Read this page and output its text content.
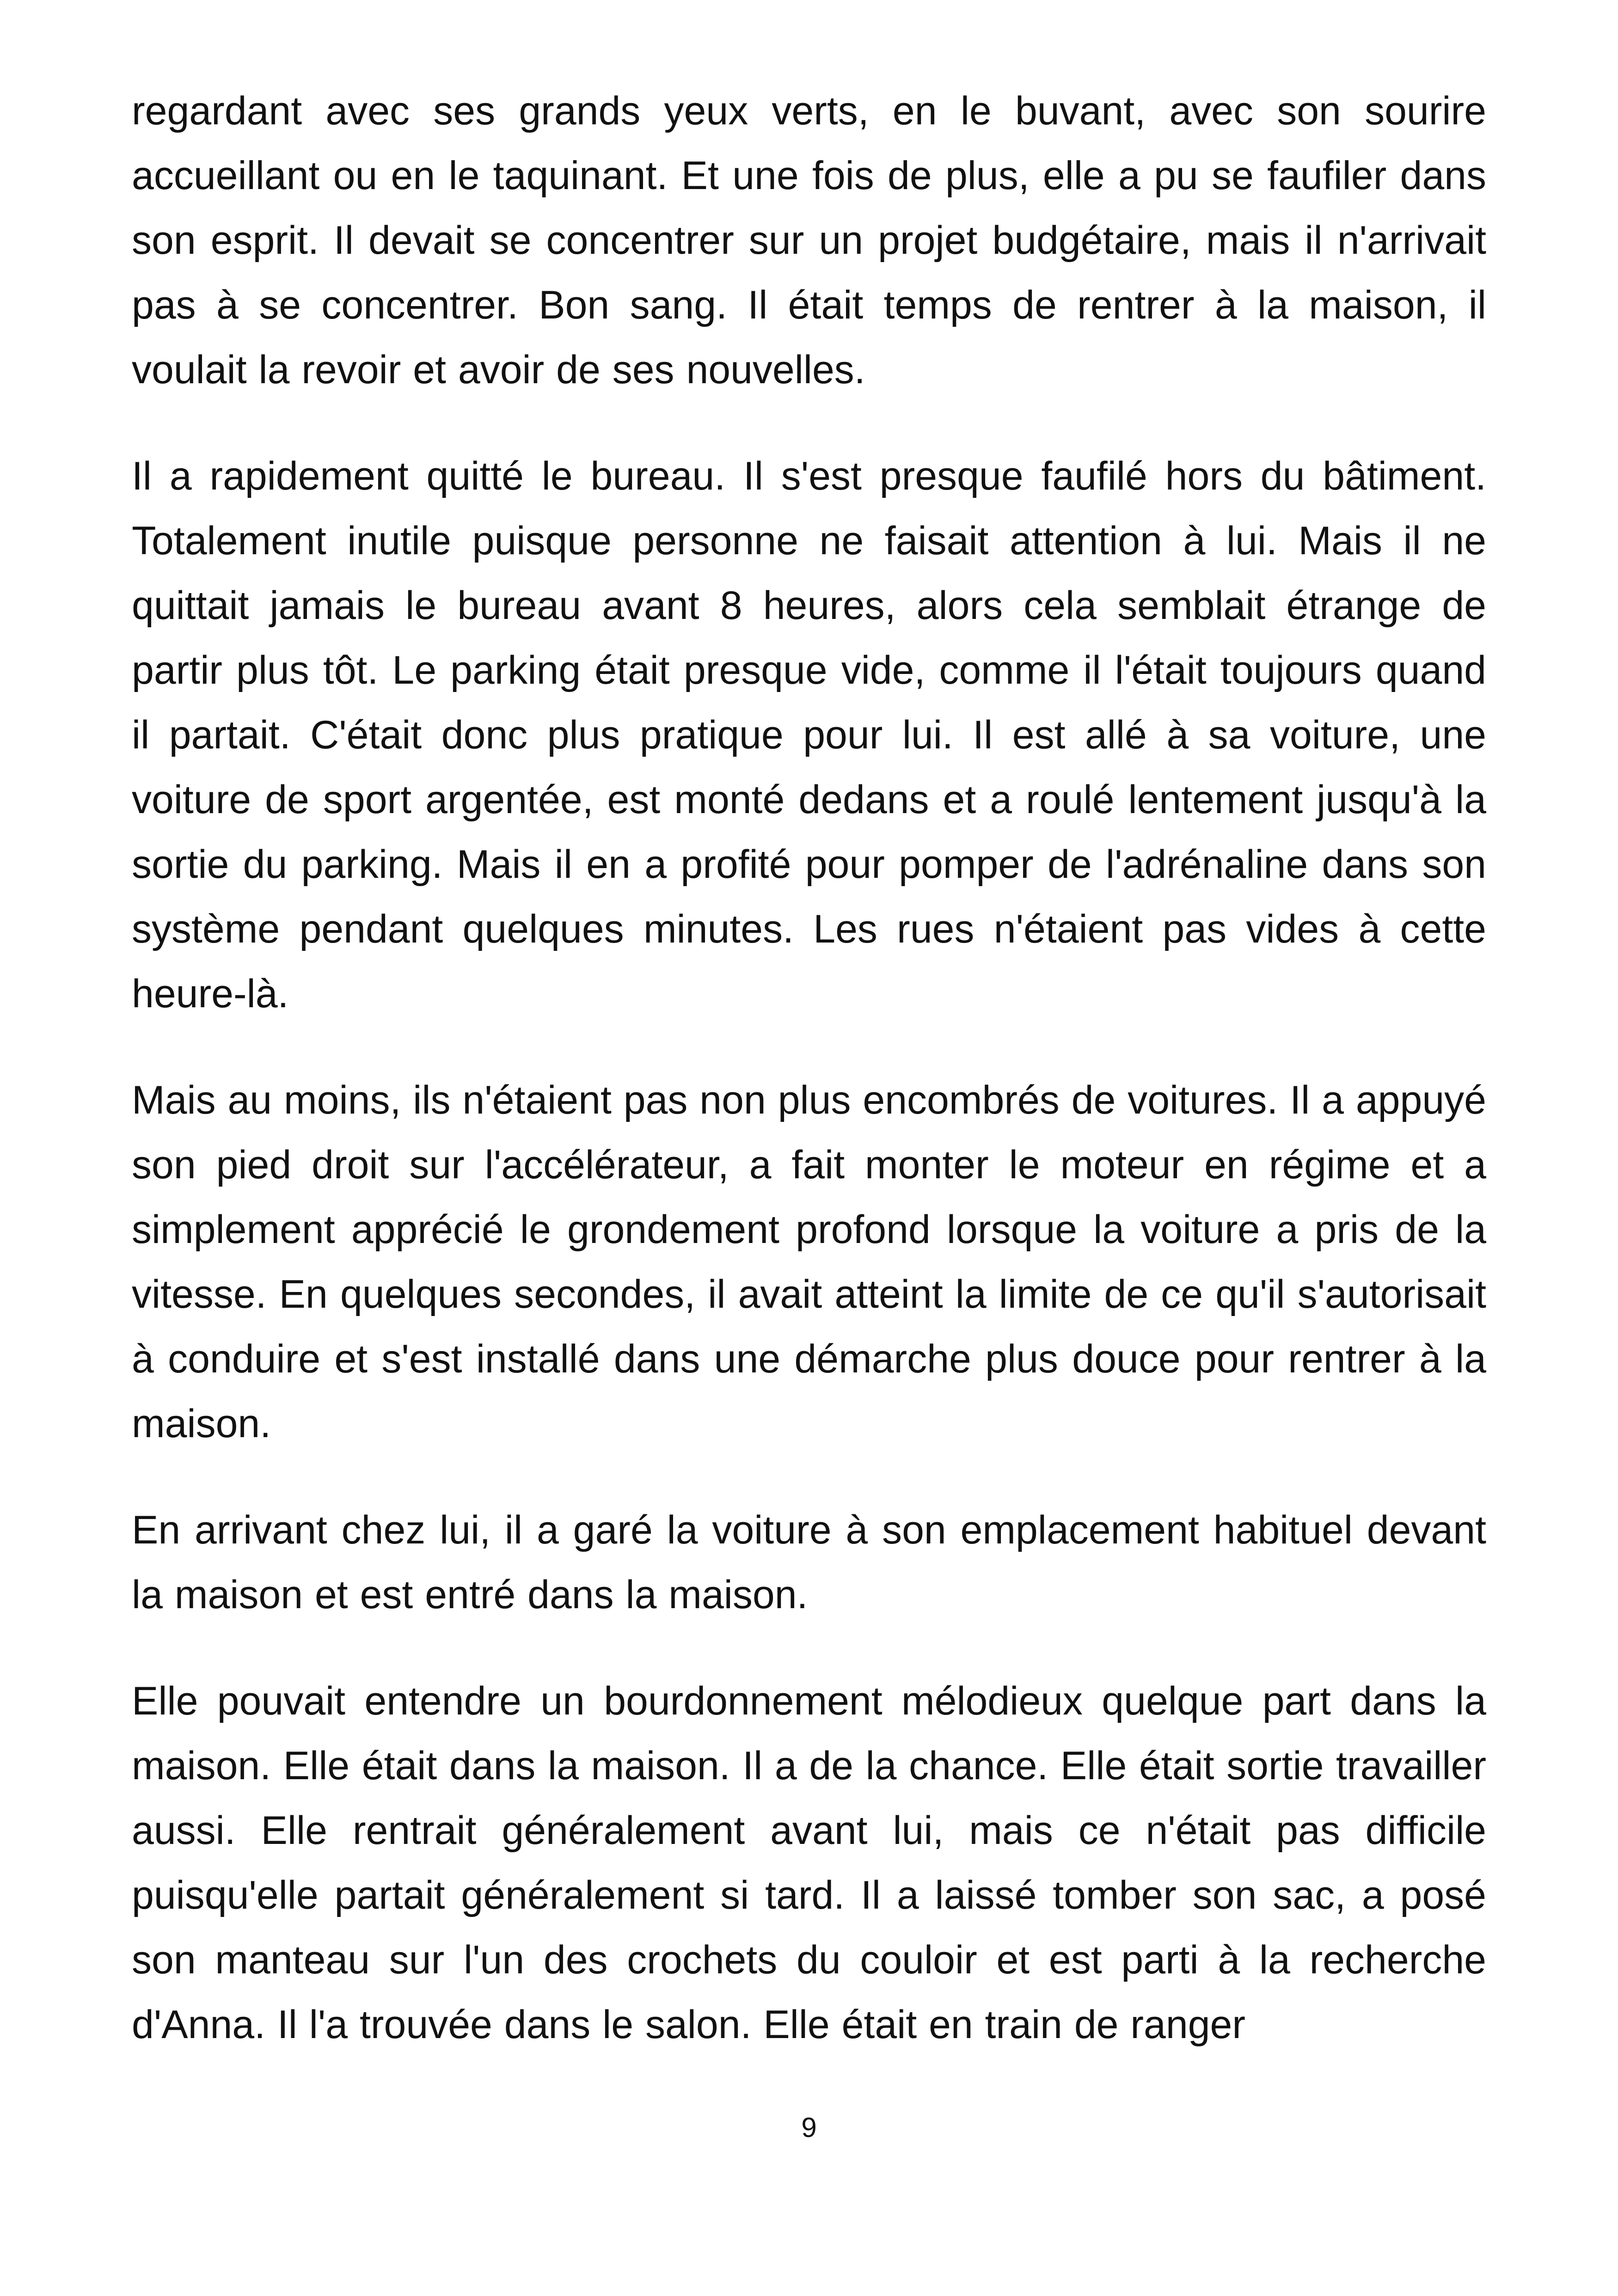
regardant avec ses grands yeux verts, en le buvant, avec son sourire accueillant ou en le taquinant. Et une fois de plus, elle a pu se faufiler dans son esprit. Il devait se concentrer sur un projet budgétaire, mais il n'arrivait pas à se concentrer. Bon sang. Il était temps de rentrer à la maison, il voulait la revoir et avoir de ses nouvelles.

Il a rapidement quitté le bureau. Il s'est presque faufilé hors du bâtiment. Totalement inutile puisque personne ne faisait attention à lui. Mais il ne quittait jamais le bureau avant 8 heures, alors cela semblait étrange de partir plus tôt. Le parking était presque vide, comme il l'était toujours quand il partait. C'était donc plus pratique pour lui. Il est allé à sa voiture, une voiture de sport argentée, est monté dedans et a roulé lentement jusqu'à la sortie du parking. Mais il en a profité pour pomper de l'adrénaline dans son système pendant quelques minutes. Les rues n'étaient pas vides à cette heure-là.

Mais au moins, ils n'étaient pas non plus encombrés de voitures. Il a appuyé son pied droit sur l'accélérateur, a fait monter le moteur en régime et a simplement apprécié le grondement profond lorsque la voiture a pris de la vitesse. En quelques secondes, il avait atteint la limite de ce qu'il s'autorisait à conduire et s'est installé dans une démarche plus douce pour rentrer à la maison.

En arrivant chez lui, il a garé la voiture à son emplacement habituel devant la maison et est entré dans la maison.

Elle pouvait entendre un bourdonnement mélodieux quelque part dans la maison. Elle était dans la maison. Il a de la chance. Elle était sortie travailler aussi. Elle rentrait généralement avant lui, mais ce n'était pas difficile puisqu'elle partait généralement si tard. Il a laissé tomber son sac, a posé son manteau sur l'un des crochets du couloir et est parti à la recherche d'Anna. Il l'a trouvée dans le salon. Elle était en train de ranger

9
